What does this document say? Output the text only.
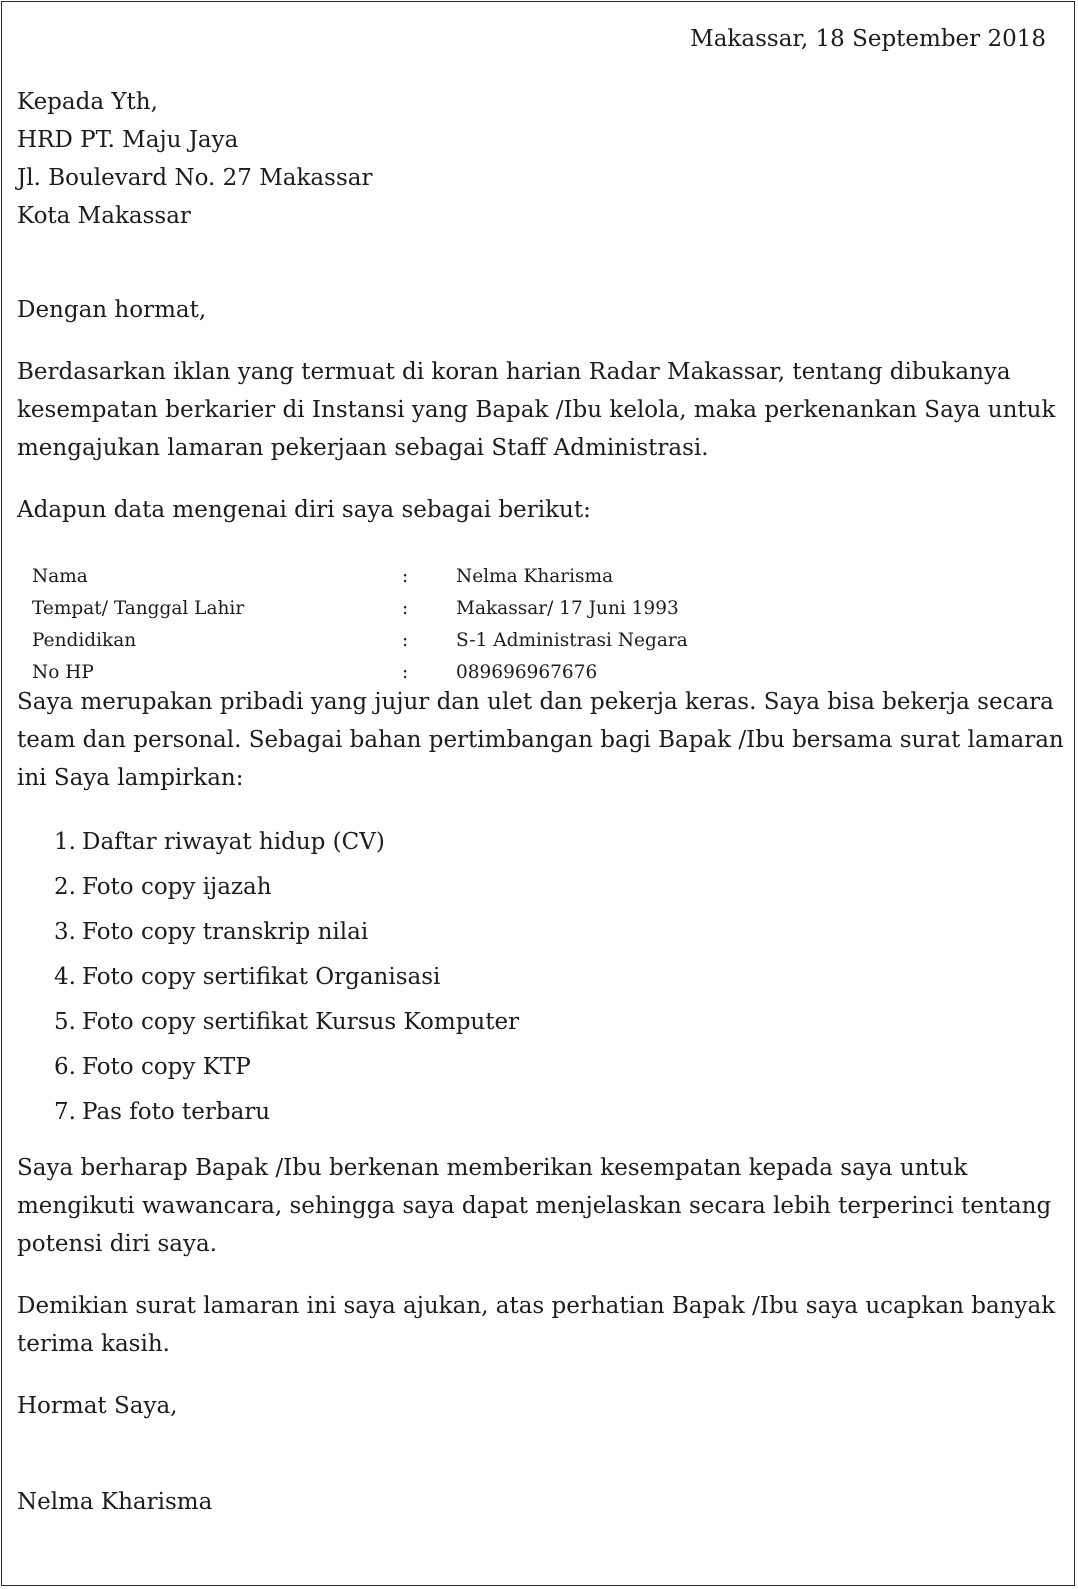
Makassar, 18 September 2018

Kepada Yth,
HRD PT. Maju Jaya
Jl. Boulevard No. 27 Makassar
Kota Makassar

Dengan hormat,

Berdasarkan iklan yang termuat di koran harian Radar Makassar, tentang dibukanya
kesempatan berkarier di Instansi yang Bapak /Ibu kelola, maka perkenankan Saya untuk
mengajukan lamaran pekerjaan sebagai Staff Administrasi.
Adapun data mengenai diri saya sebagai berikut:
Nama	:	Nelma Kharisma
Tempat/ Tanggal Lahir	:	Makassar/ 17 Juni 1993
Pendidikan	:	S-1 Administrasi Negara
No HP	:	089696967676
Saya merupakan pribadi yang jujur dan ulet dan pekerja keras. Saya bisa bekerja secara
team dan personal. Sebagai bahan pertimbangan bagi Bapak /Ibu bersama surat lamaran
ini Saya lampirkan:
1. Daftar riwayat hidup (CV)
2. Foto copy ijazah
3. Foto copy transkrip nilai
4. Foto copy sertifikat Organisasi
5. Foto copy sertifikat Kursus Komputer
6. Foto copy KTP
7. Pas foto terbaru
Saya berharap Bapak /Ibu berkenan memberikan kesempatan kepada saya untuk
mengikuti wawancara, sehingga saya dapat menjelaskan secara lebih terperinci tentang
potensi diri saya.
Demikian surat lamaran ini saya ajukan, atas perhatian Bapak /Ibu saya ucapkan banyak
terima kasih.

Hormat Saya,

Nelma Kharisma
